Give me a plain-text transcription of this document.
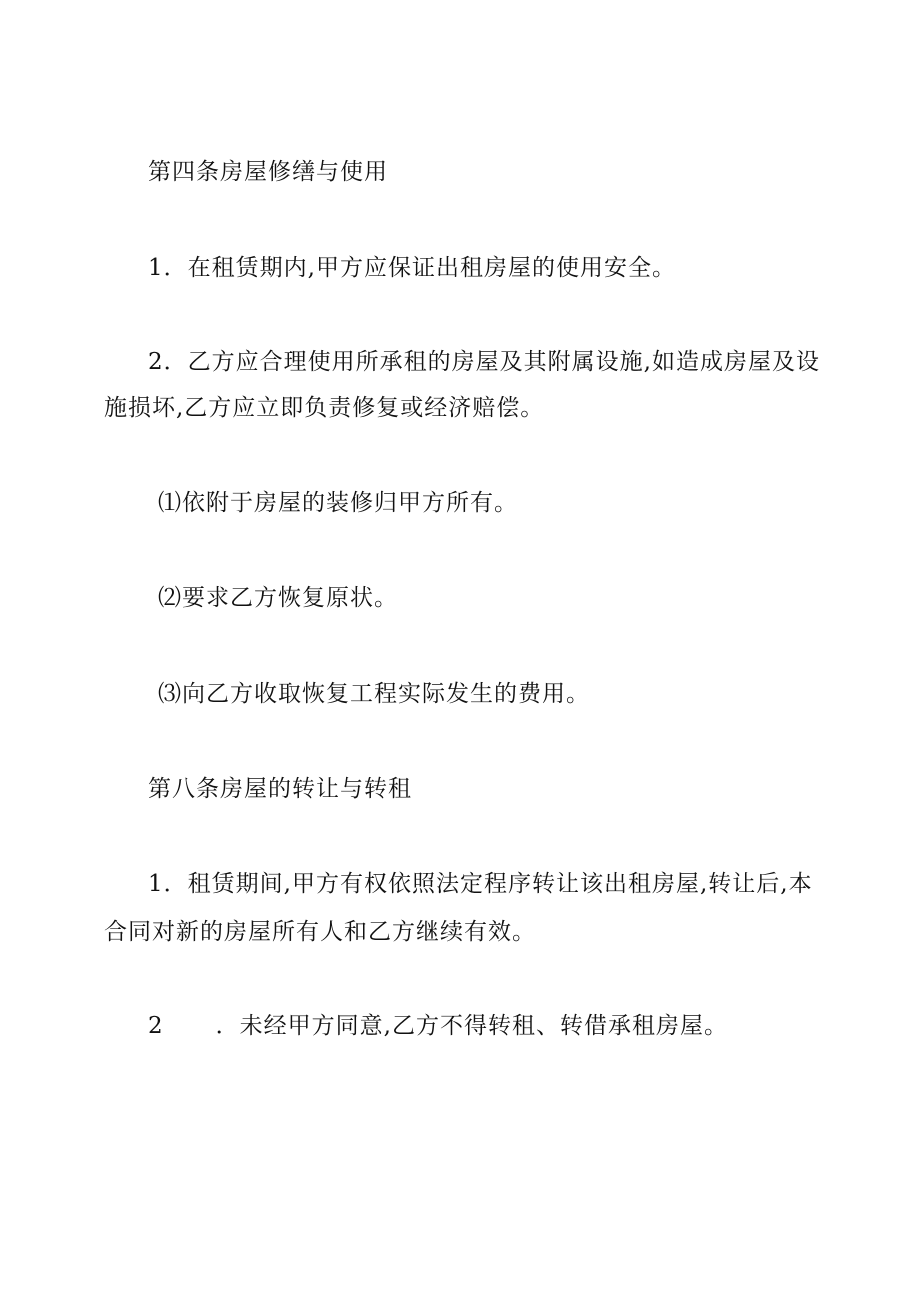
第四条房屋修缮与使用
1．在租赁期内,甲方应保证出租房屋的使用安全。
2．乙方应合理使用所承租的房屋及其附属设施,如造成房屋及设
施损坏,乙方应立即负责修复或经济赔偿。
⑴依附于房屋的装修归甲方所有。
⑵要求乙方恢复原状。
⑶向乙方收取恢复工程实际发生的费用。
第八条房屋的转让与转租
1．租赁期间,甲方有权依照法定程序转让该出租房屋,转让后,本
合同对新的房屋所有人和乙方继续有效。
2 ．未经甲方同意,乙方不得转租、转借承租房屋。
